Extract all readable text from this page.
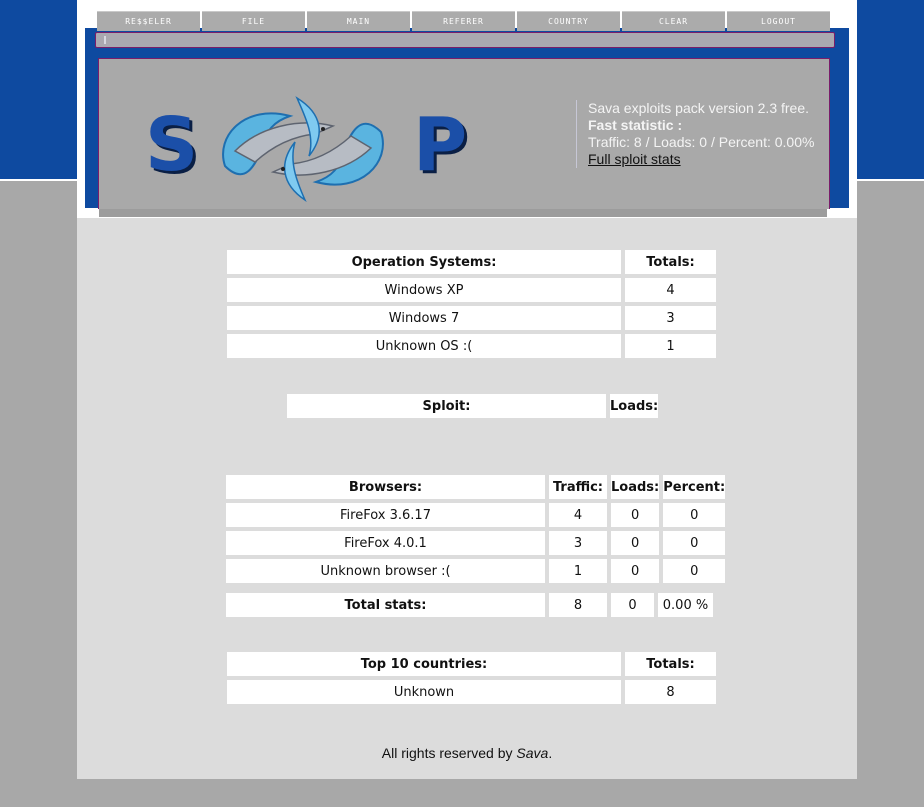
RE$$ELER	FILE	MAIN	REFERER	COUNTRY	CLEAR	LOGOUT
S	P	Sava exploits pack version 2.3 free.
Fast statistic :
Traffic: 8 / Loads: 0 / Percent: 0.00%
Full sploit stats
Operation Systems:	Totals:
Windows XP	4
Windows 7	3
Unknown OS :(	1
Sploit:	Loads:
Browsers:	Traffic:	Loads:	Percent:
FireFox 3.6.17	4	0	0
FireFox 4.0.1	3	0	0
Unknown browser :(	1	0	0
Total stats:	8	0	0.00 %
Top 10 countries:	Totals:
Unknown	8
All rights reserved by Sava.
